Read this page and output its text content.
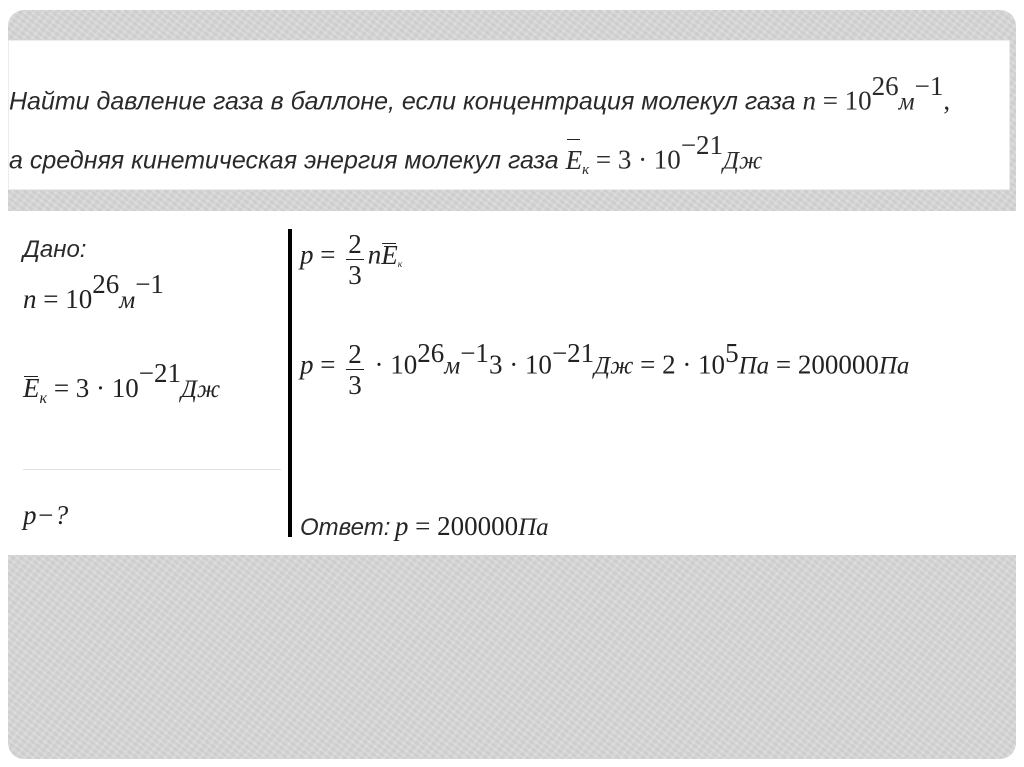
Найти давление газа в баллоне, если концентрация молекул газа $n = 10^{26}м^{-1}$,
а средняя кинетическая энергия молекул газа $E_к = 3 \cdot 10^{-21}Дж$
Дано:
$n = 10^{26}м^{-1}$
$E_к = 3 \cdot 10^{-21}Дж$
p−?
$p = \frac{2}{3} nE_к$
$p = \frac{2}{3} \cdot 10^{26}м^{-1}3 \cdot 10^{-21}Дж = 2 \cdot 10^5Па = 200000Па$
Ответ: p = 200000Па
